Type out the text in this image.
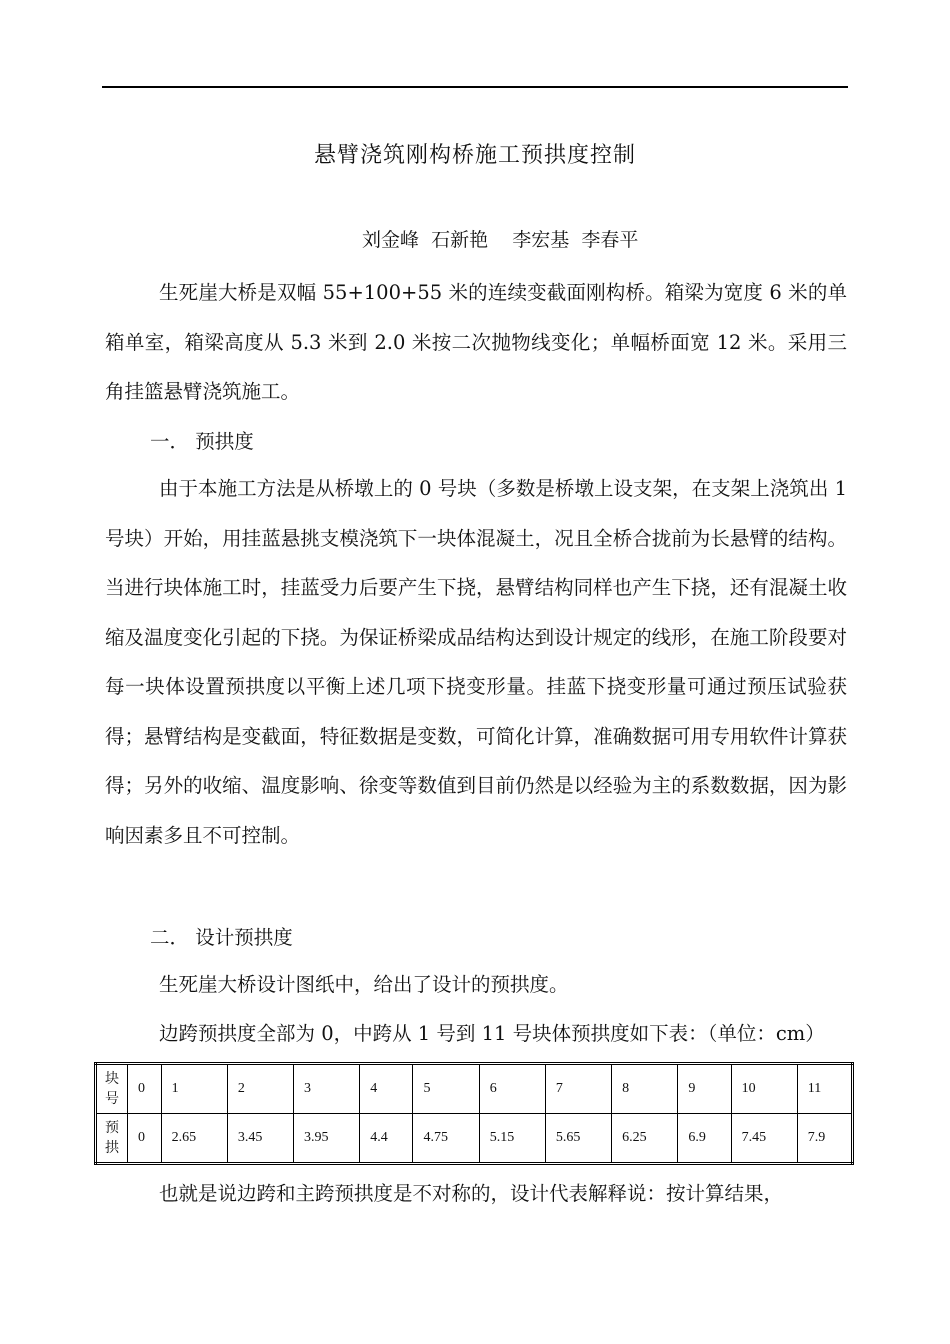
悬臂浇筑刚构桥施工预拱度控制
刘金峰  石新艳    李宏基  李春平
生死崖大桥是双幅 55+100+55 米的连续变截面刚构桥。箱梁为宽度 6 米的单箱单室，箱梁高度从 5.3 米到 2.0 米按二次抛物线变化；单幅桥面宽 12 米。采用三角挂篮悬臂浇筑施工。
一． 预拱度
由于本施工方法是从桥墩上的 0 号块（多数是桥墩上设支架，在支架上浇筑出 1 号块）开始，用挂蓝悬挑支模浇筑下一块体混凝土，况且全桥合拢前为长悬臂的结构。当进行块体施工时，挂蓝受力后要产生下挠，悬臂结构同样也产生下挠，还有混凝土收缩及温度变化引起的下挠。为保证桥梁成品结构达到设计规定的线形，在施工阶段要对每一块体设置预拱度以平衡上述几项下挠变形量。挂蓝下挠变形量可通过预压试验获得；悬臂结构是变截面，特征数据是变数，可简化计算，准确数据可用专用软件计算获得；另外的收缩、温度影响、徐变等数值到目前仍然是以经验为主的系数数据，因为影响因素多且不可控制。
二． 设计预拱度
生死崖大桥设计图纸中，给出了设计的预拱度。
边跨预拱度全部为 0，中跨从 1 号到 11 号块体预拱度如下表：（单位：cm）
块号	0	1	2	3	4	5	6	7	8	9	10	11
预拱	0	2.65	3.45	3.95	4.4	4.75	5.15	5.65	6.25	6.9	7.45	7.9
也就是说边跨和主跨预拱度是不对称的，设计代表解释说：按计算结果，
